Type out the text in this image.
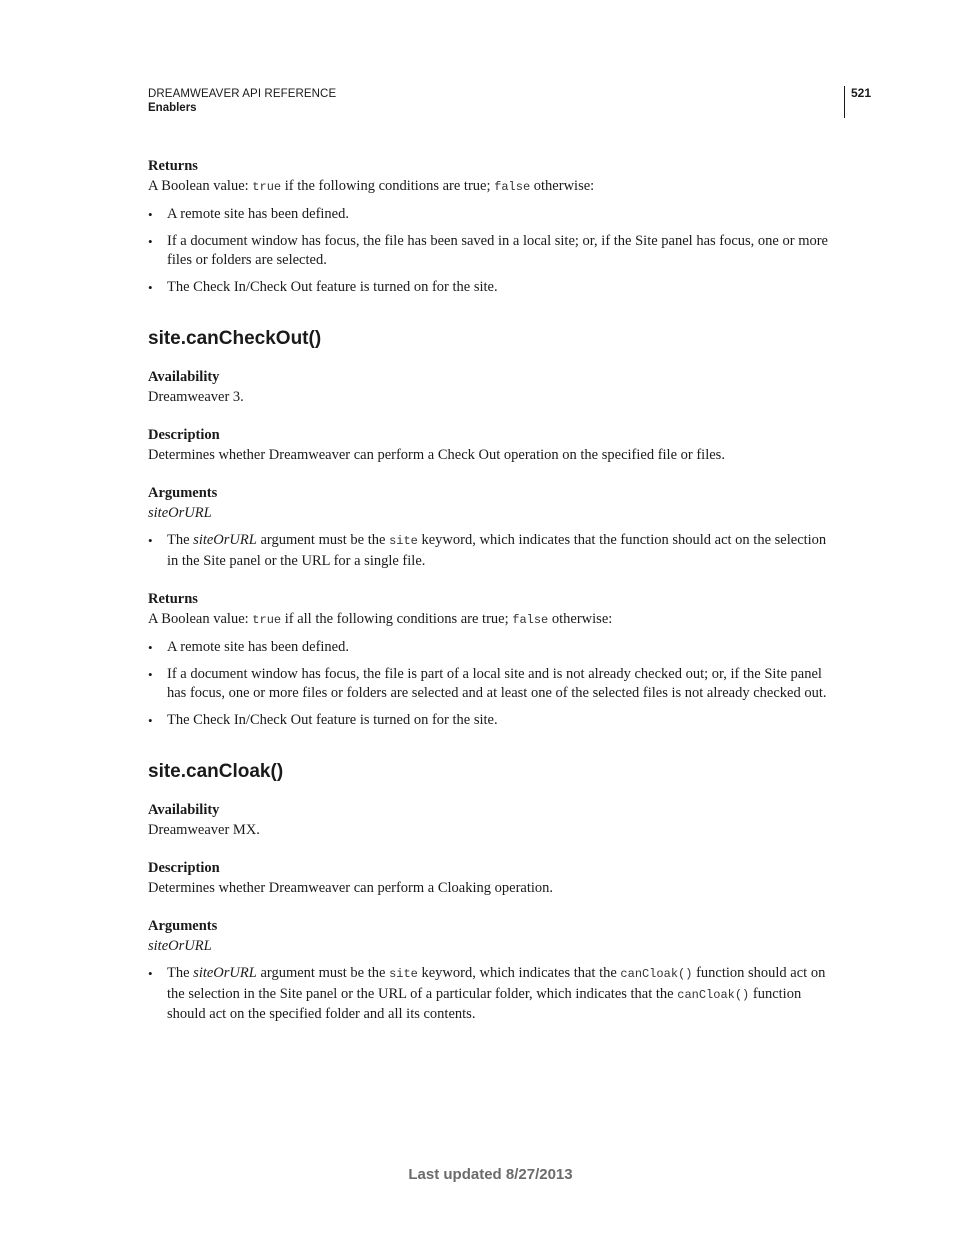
DREAMWEAVER API REFERENCE
Enablers
521
Returns
A Boolean value: true if the following conditions are true; false otherwise:
• A remote site has been defined.
• If a document window has focus, the file has been saved in a local site; or, if the Site panel has focus, one or more files or folders are selected.
• The Check In/Check Out feature is turned on for the site.
site.canCheckOut()
Availability
Dreamweaver 3.
Description
Determines whether Dreamweaver can perform a Check Out operation on the specified file or files.
Arguments
siteOrURL
• The siteOrURL argument must be the site keyword, which indicates that the function should act on the selection in the Site panel or the URL for a single file.
Returns
A Boolean value: true if all the following conditions are true; false otherwise:
• A remote site has been defined.
• If a document window has focus, the file is part of a local site and is not already checked out; or, if the Site panel has focus, one or more files or folders are selected and at least one of the selected files is not already checked out.
• The Check In/Check Out feature is turned on for the site.
site.canCloak()
Availability
Dreamweaver MX.
Description
Determines whether Dreamweaver can perform a Cloaking operation.
Arguments
siteOrURL
• The siteOrURL argument must be the site keyword, which indicates that the canCloak() function should act on the selection in the Site panel or the URL of a particular folder, which indicates that the canCloak() function should act on the specified folder and all its contents.
Last updated 8/27/2013
